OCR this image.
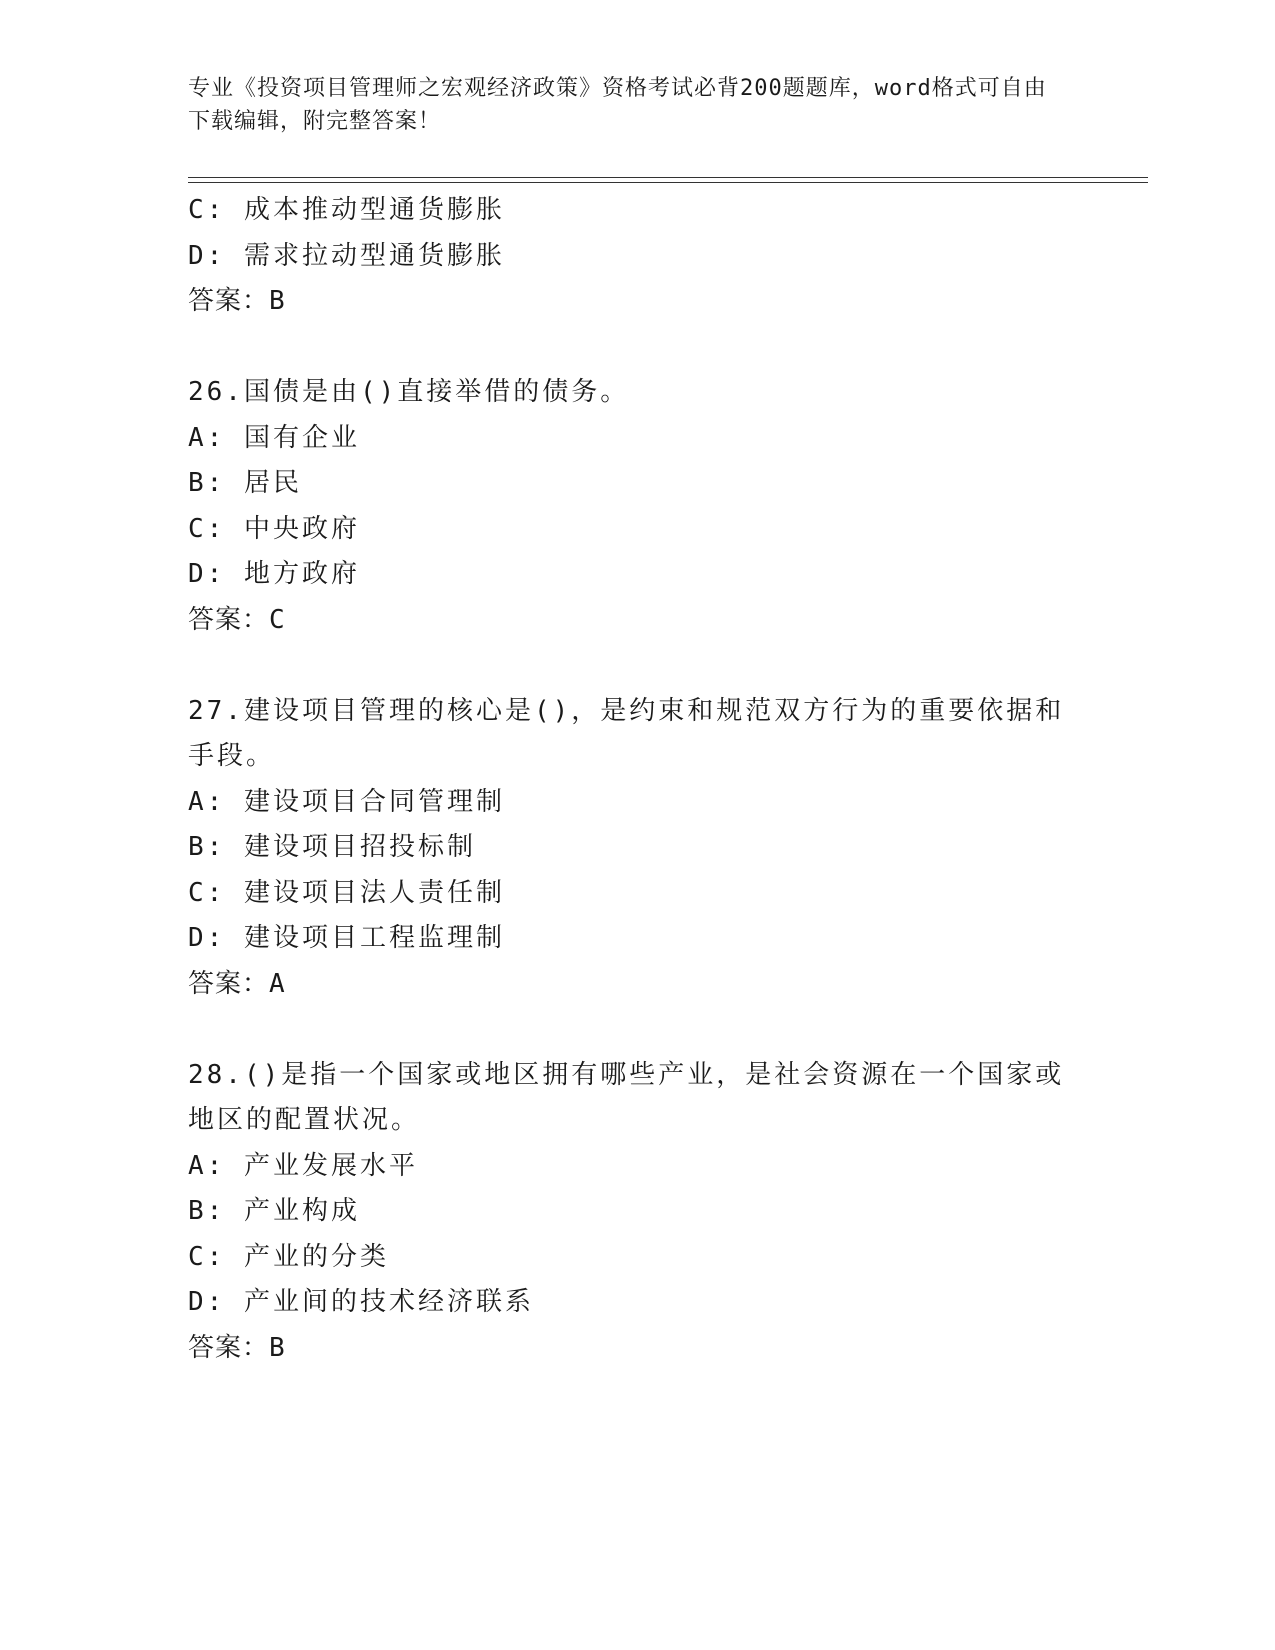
专业《投资项目管理师之宏观经济政策》资格考试必背200题题库，word格式可自由下载编辑，附完整答案！
C: 成本推动型通货膨胀
D: 需求拉动型通货膨胀
答案：B
26.国债是由()直接举借的债务。
A: 国有企业
B: 居民
C: 中央政府
D: 地方政府
答案：C
27.建设项目管理的核心是()，是约束和规范双方行为的重要依据和手段。
A: 建设项目合同管理制
B: 建设项目招投标制
C: 建设项目法人责任制
D: 建设项目工程监理制
答案：A
28.()是指一个国家或地区拥有哪些产业，是社会资源在一个国家或地区的配置状况。
A: 产业发展水平
B: 产业构成
C: 产业的分类
D: 产业间的技术经济联系
答案：B
